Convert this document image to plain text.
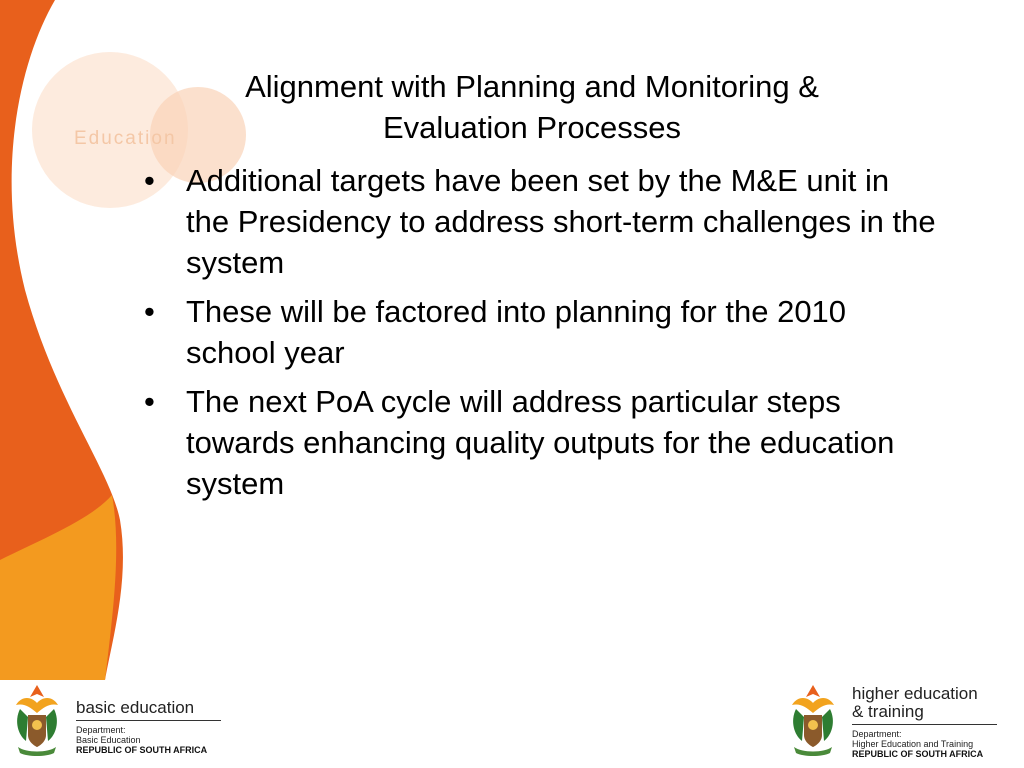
Education
Alignment with Planning and Monitoring & Evaluation Processes
• Additional targets have been set by the M&E unit in the Presidency to address short-term challenges in the system
• These will be factored into planning for the 2010 school year
• The next PoA cycle will address particular steps towards enhancing quality outputs for the education system
basic education
Department:
Basic Education
REPUBLIC OF SOUTH AFRICA
higher education
& training
Department:
Higher Education and Training
REPUBLIC OF SOUTH AFRICA
